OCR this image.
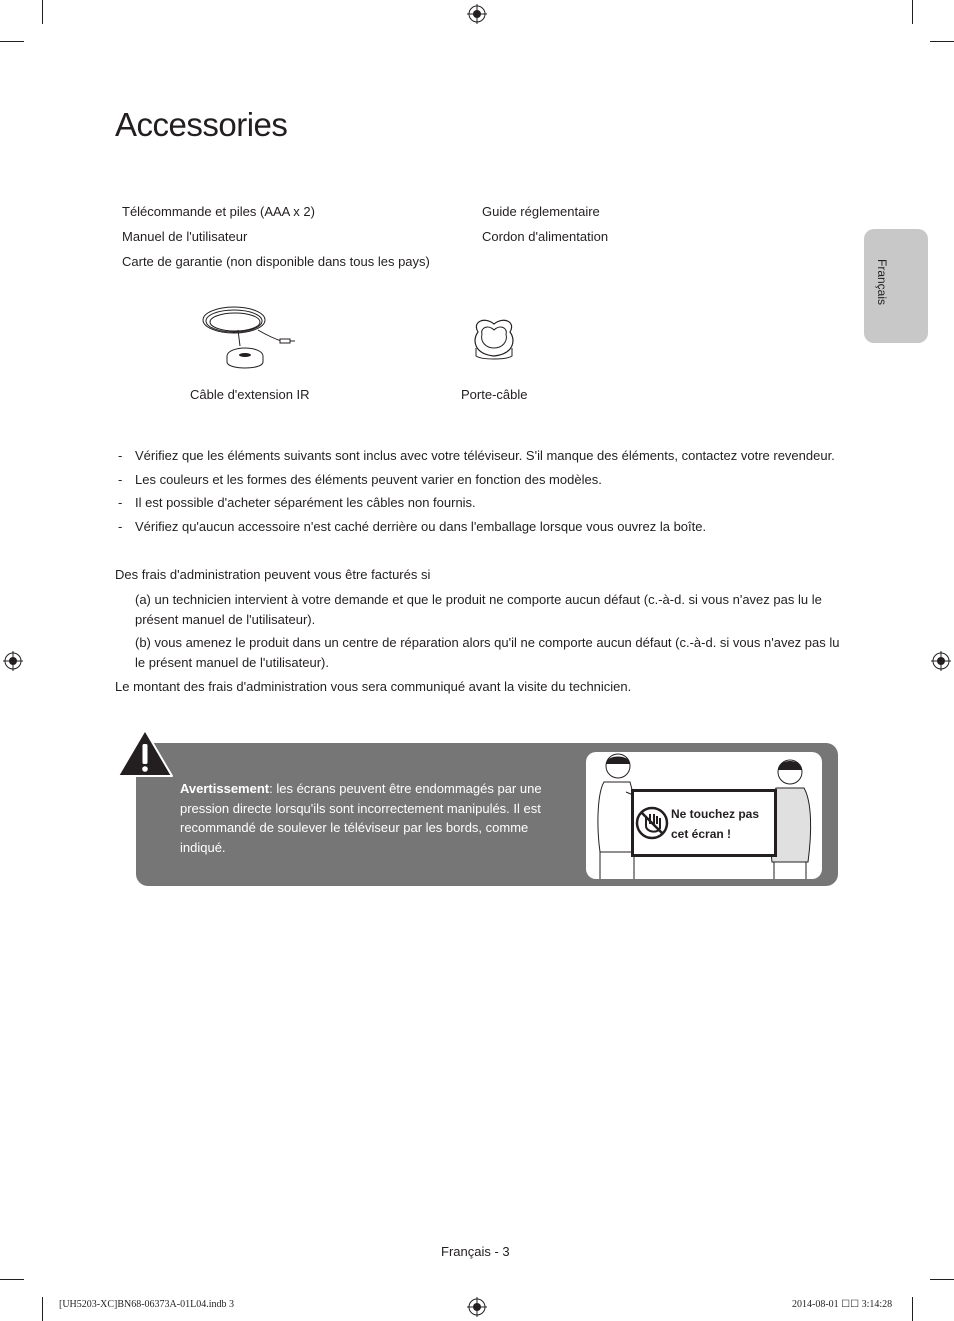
Accessories
Français
Télécommande et piles (AAA x 2)
Manuel de l'utilisateur
Carte de garantie (non disponible dans tous les pays)
Guide réglementaire
Cordon d'alimentation
Câble d'extension IR	Porte-câble
- Vérifiez que les éléments suivants sont inclus avec votre téléviseur. S'il manque des éléments, contactez votre revendeur.
- Les couleurs et les formes des éléments peuvent varier en fonction des modèles.
- Il est possible d'acheter séparément les câbles non fournis.
- Vérifiez qu'aucun accessoire n'est caché derrière ou dans l'emballage lorsque vous ouvrez la boîte.
Des frais d'administration peuvent vous être facturés si
(a) un technicien intervient à votre demande et que le produit ne comporte aucun défaut (c.-à-d. si vous n'avez pas lu le présent manuel de l'utilisateur).
(b) vous amenez le produit dans un centre de réparation alors qu'il ne comporte aucun défaut (c.-à-d. si vous n'avez pas lu le présent manuel de l'utilisateur).
Le montant des frais d'administration vous sera communiqué avant la visite du technicien.
Avertissement: les écrans peuvent être endommagés par une pression directe lorsqu'ils sont incorrectement manipulés. Il est recommandé de soulever le téléviseur par les bords, comme indiqué.
Ne touchez pas
cet écran !
Français - 3
[UH5203-XC]BN68-06373A-01L04.indb 3	2014-08-01 ☐☐ 3:14:28
